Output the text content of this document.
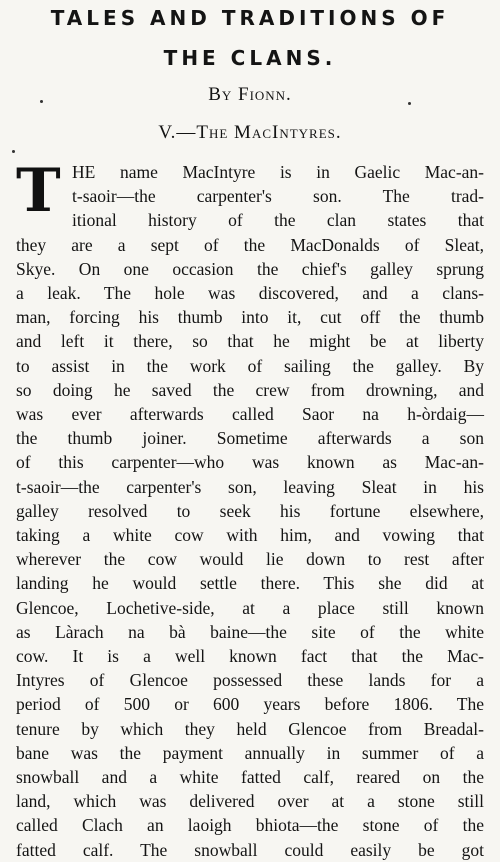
TALES AND TRADITIONS OF
THE CLANS.
By Fionn.
V.—The MacIntyres.
T HE name MacIntyre is in Gaelic Mac-an-
t-saoir—the carpenter's son. The trad-
itional history of the clan states that
they are a sept of the MacDonalds of Sleat,
Skye. On one occasion the chief's galley sprung
a leak. The hole was discovered, and a clans-
man, forcing his thumb into it, cut off the thumb
and left it there, so that he might be at liberty
to assist in the work of sailing the galley. By
so doing he saved the crew from drowning, and
was ever afterwards called Saor na h-òrdaig—
the thumb joiner. Sometime afterwards a son
of this carpenter—who was known as Mac-an-
t-saoir—the carpenter's son, leaving Sleat in his
galley resolved to seek his fortune elsewhere,
taking a white cow with him, and vowing that
wherever the cow would lie down to rest after
landing he would settle there. This she did at
Glencoe, Lochetive-side, at a place still known
as Làrach na bà baine—the site of the white
cow. It is a well known fact that the Mac-
Intyres of Glencoe possessed these lands for a
period of 500 or 600 years before 1806. The
tenure by which they held Glencoe from Breadal-
bane was the payment annually in summer of a
snowball and a white fatted calf, reared on the
land, which was delivered over at a stone still
called Clach an laoigh bhiota—the stone of the
fatted calf. The snowball could easily be got
